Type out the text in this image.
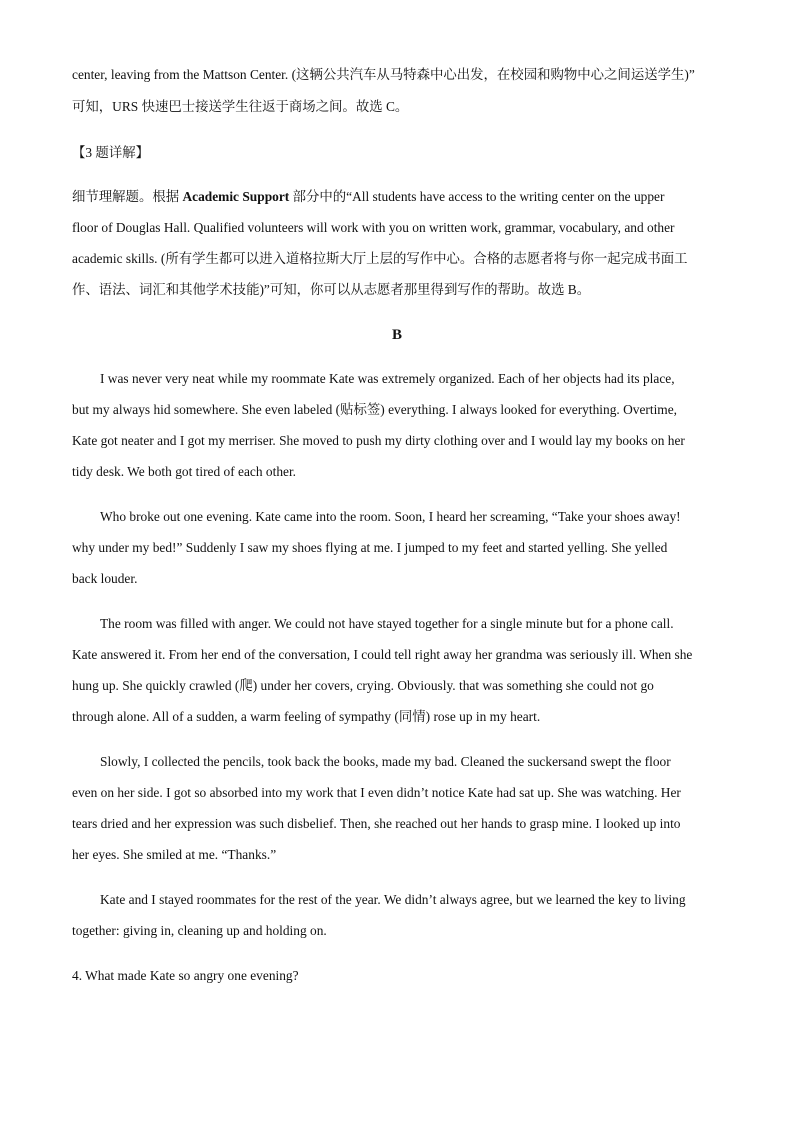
center, leaving from the Mattson Center. (这辆公共汽车从马特森中心出发，在校园和购物中心之间运送学生)”
可知，URS 快速巴士接送学生往返于商场之间。故选 C。
【3 题详解】
细节理解题。根据 Academic Support 部分中的“All students have access to the writing center on the upper
floor of Douglas Hall. Qualified volunteers will work with you on written work, grammar, vocabulary, and other
academic skills. (所有学生都可以进入道格拉斯大厅上层的写作中心。合格的志愿者将与你一起完成书面工
作、语法、词汇和其他学术技能)”可知，你可以从志愿者那里得到写作的帮助。故选 B。
B
I was never very neat while my roommate Kate was extremely organized. Each of her objects had its place,
but my always hid somewhere. She even labeled (贴标签) everything. I always looked for everything. Overtime,
Kate got neater and I got my merriser. She moved to push my dirty clothing over and I would lay my books on her
tidy desk. We both got tired of each other.
Who broke out one evening. Kate came into the room. Soon, I heard her screaming, “Take your shoes away!
why under my bed!” Suddenly I saw my shoes flying at me. I jumped to my feet and started yelling. She yelled
back louder.
The room was filled with anger. We could not have stayed together for a single minute but for a phone call.
Kate answered it. From her end of the conversation, I could tell right away her grandma was seriously ill. When she
hung up. She quickly crawled (爬) under her covers, crying. Obviously. that was something she could not go
through alone. All of a sudden, a warm feeling of sympathy (同情) rose up in my heart.
Slowly, I collected the pencils, took back the books, made my bad. Cleaned the suckersand swept the floor
even on her side. I got so absorbed into my work that I even didn’t notice Kate had sat up. She was watching. Her
tears dried and her expression was such disbelief. Then, she reached out her hands to grasp mine. I looked up into
her eyes. She smiled at me. “Thanks.”
Kate and I stayed roommates for the rest of the year. We didn’t always agree, but we learned the key to living
together: giving in, cleaning up and holding on.
4. What made Kate so angry one evening?
